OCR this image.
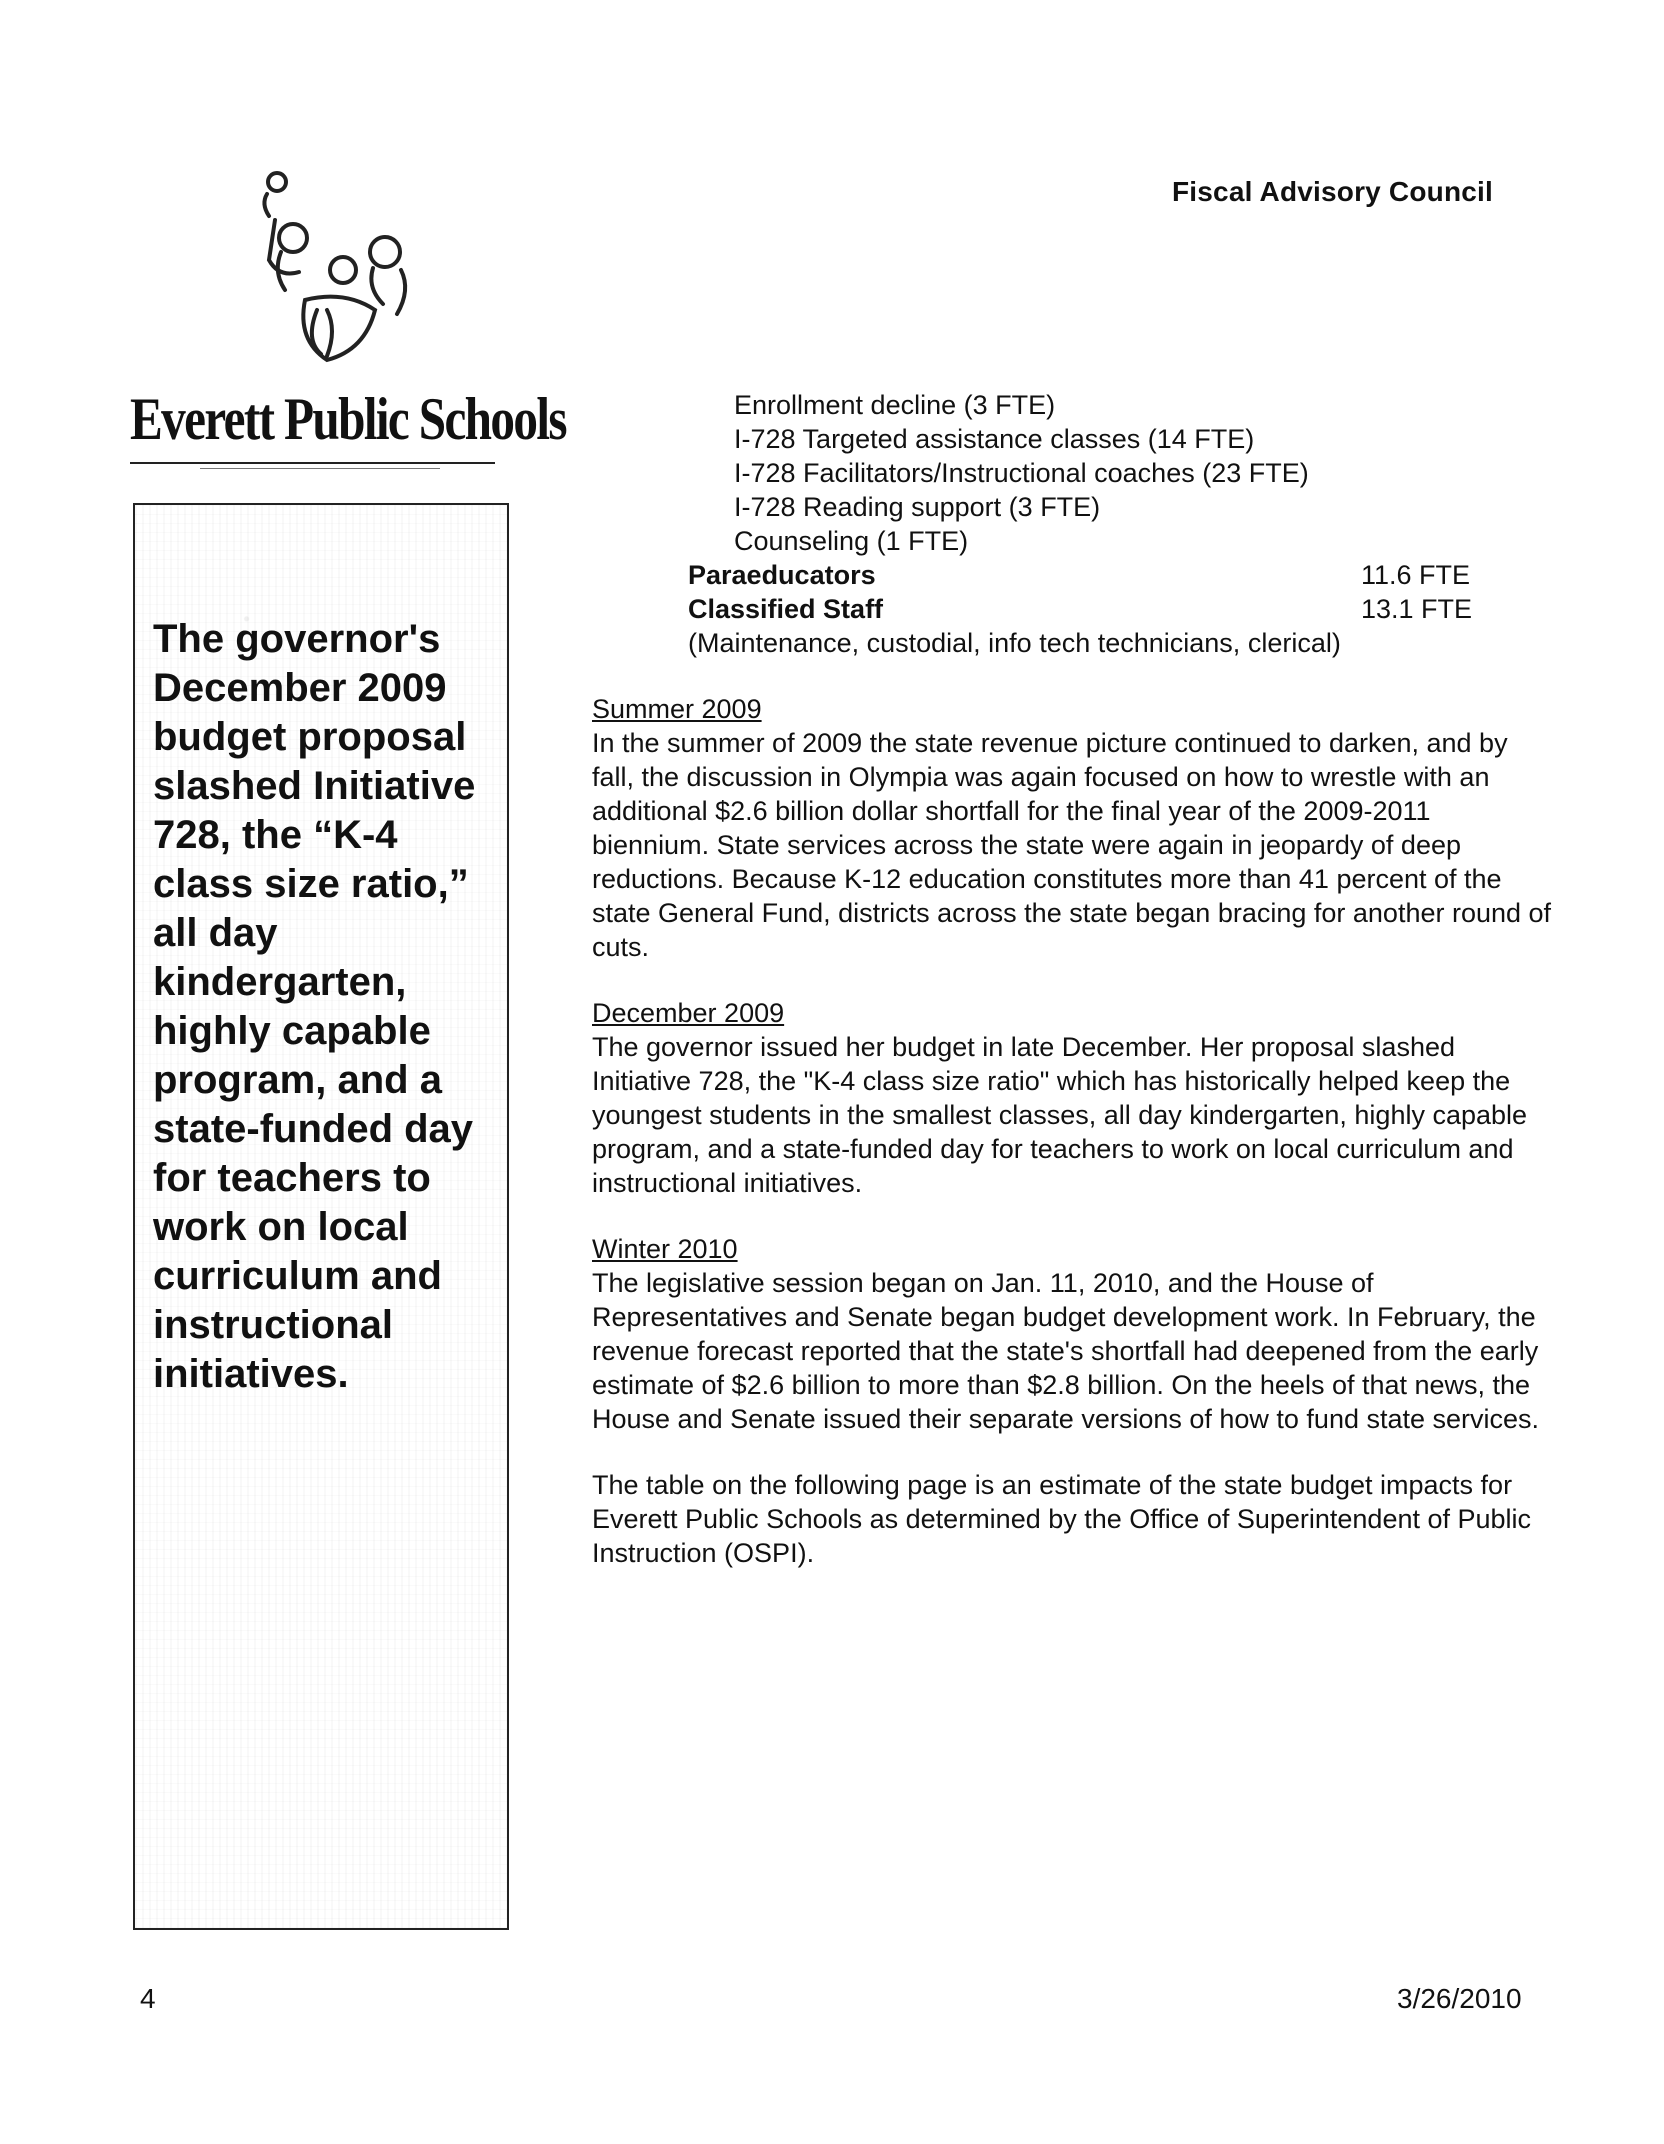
Fiscal Advisory Council
Everett Public Schools

The governor's December 2009 budget proposal slashed Initiative 728, the “K-4 class size ratio,” all day kindergarten, highly capable program, and a state-funded day for teachers to work on local curriculum and instructional initiatives.

Enrollment decline (3 FTE)
I-728 Targeted assistance classes (14 FTE)
I-728 Facilitators/Instructional coaches (23 FTE)
I-728 Reading support (3 FTE)
Counseling (1 FTE)
Paraeducators	11.6 FTE
Classified Staff	13.1 FTE
(Maintenance, custodial, info tech technicians, clerical)
Summer 2009

In the summer of 2009 the state revenue picture continued to darken, and by fall, the discussion in Olympia was again focused on how to wrestle with an additional $2.6 billion dollar shortfall for the final year of the 2009-2011 biennium. State services across the state were again in jeopardy of deep reductions. Because K-12 education constitutes more than 41 percent of the state General Fund, districts across the state began bracing for another round of cuts.

December 2009

The governor issued her budget in late December. Her proposal slashed Initiative 728, the "K-4 class size ratio" which has historically helped keep the youngest students in the smallest classes, all day kindergarten, highly capable program, and a state-funded day for teachers to work on local curriculum and instructional initiatives.

Winter 2010

The legislative session began on Jan. 11, 2010, and the House of Representatives and Senate began budget development work. In February, the revenue forecast reported that the state's shortfall had deepened from the early estimate of $2.6 billion to more than $2.8 billion. On the heels of that news, the House and Senate issued their separate versions of how to fund state services.

The table on the following page is an estimate of the state budget impacts for Everett Public Schools as determined by the Office of Superintendent of Public Instruction (OSPI).

4	3/26/2010
